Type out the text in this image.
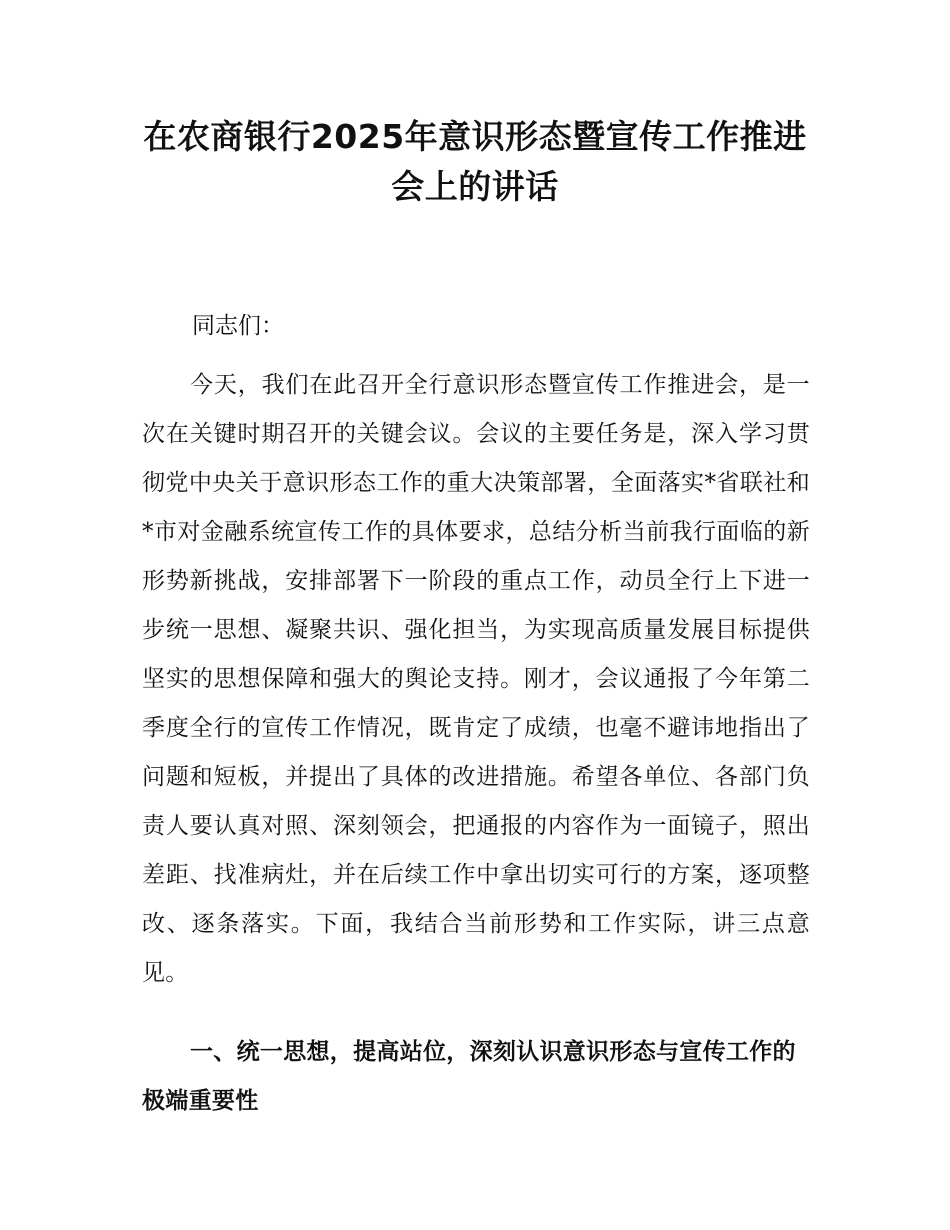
在农商银行2025年意识形态暨宣传工作推进会上的讲话

同志们：

今天，我们在此召开全行意识形态暨宣传工作推进会，是一次在关键时期召开的关键会议。会议的主要任务是，深入学习贯彻党中央关于意识形态工作的重大决策部署，全面落实*省联社和*市对金融系统宣传工作的具体要求，总结分析当前我行面临的新形势新挑战，安排部署下一阶段的重点工作，动员全行上下进一步统一思想、凝聚共识、强化担当，为实现高质量发展目标提供坚实的思想保障和强大的舆论支持。刚才，会议通报了今年第二季度全行的宣传工作情况，既肯定了成绩，也毫不避讳地指出了问题和短板，并提出了具体的改进措施。希望各单位、各部门负责人要认真对照、深刻领会，把通报的内容作为一面镜子，照出差距、找准病灶，并在后续工作中拿出切实可行的方案，逐项整改、逐条落实。下面，我结合当前形势和工作实际，讲三点意见。

一、统一思想，提高站位，深刻认识意识形态与宣传工作的极端重要性
